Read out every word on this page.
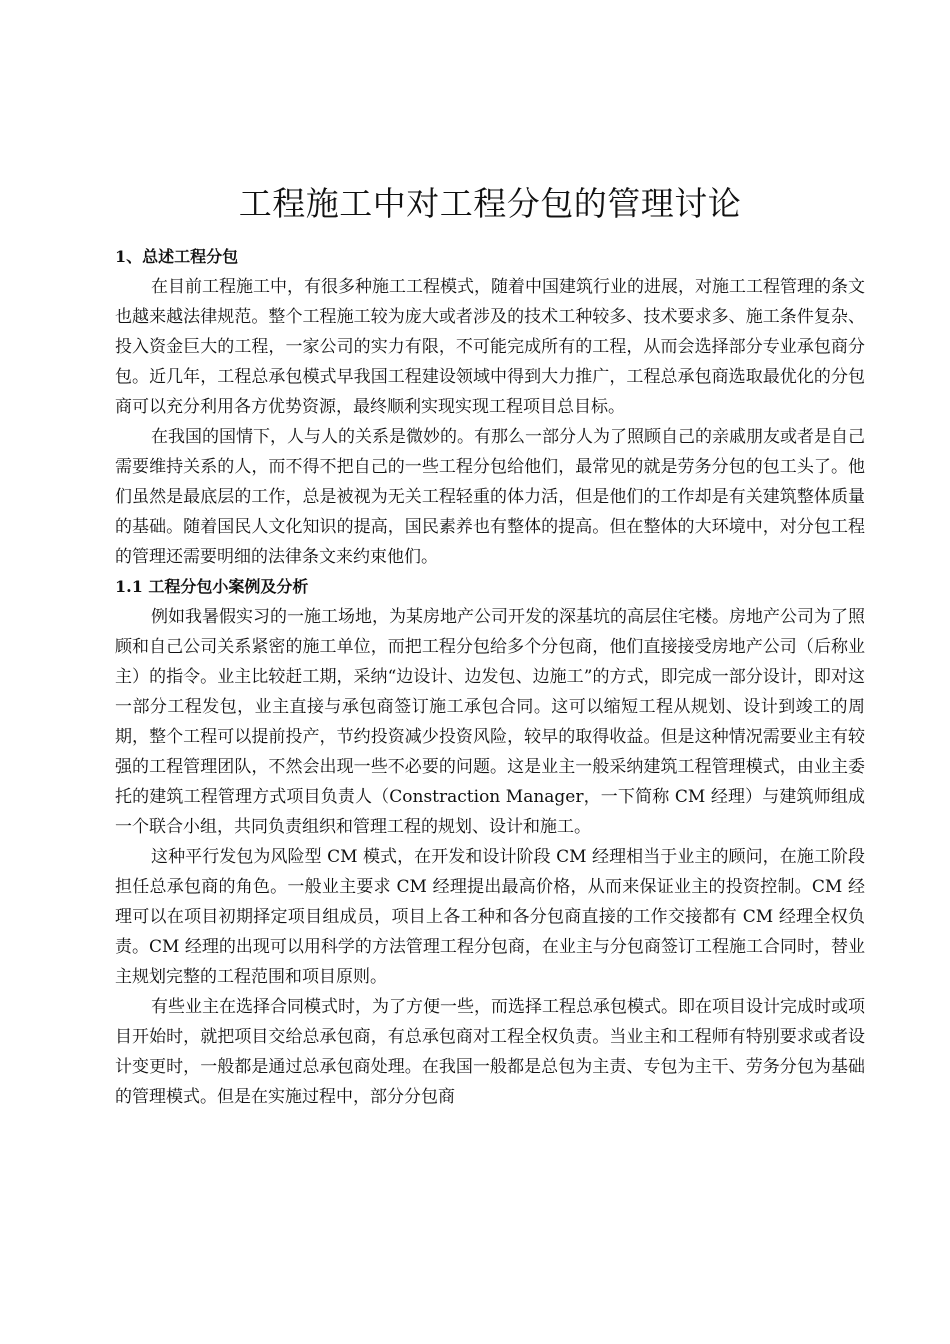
工程施工中对工程分包的管理讨论
1、总述工程分包

在目前工程施工中，有很多种施工工程模式，随着中国建筑行业的进展，对施工工程管理的条文也越来越法律规范。整个工程施工较为庞大或者涉及的技术工种较多、技术要求多、施工条件复杂、投入资金巨大的工程，一家公司的实力有限，不可能完成所有的工程，从而会选择部分专业承包商分包。近几年，工程总承包模式早我国工程建设领域中得到大力推广，工程总承包商选取最优化的分包商可以充分利用各方优势资源，最终顺利实现实现工程项目总目标。

在我国的国情下，人与人的关系是微妙的。有那么一部分人为了照顾自己的亲戚朋友或者是自己需要维持关系的人，而不得不把自己的一些工程分包给他们，最常见的就是劳务分包的包工头了。他们虽然是最底层的工作，总是被视为无关工程轻重的体力活，但是他们的工作却是有关建筑整体质量的基础。随着国民人文化知识的提高，国民素养也有整体的提高。但在整体的大环境中，对分包工程的管理还需要明细的法律条文来约束他们。

1.1 工程分包小案例及分析

例如我暑假实习的一施工场地，为某房地产公司开发的深基坑的高层住宅楼。房地产公司为了照顾和自己公司关系紧密的施工单位，而把工程分包给多个分包商，他们直接接受房地产公司（后称业主）的指令。业主比较赶工期，采纳“边设计、边发包、边施工”的方式，即完成一部分设计，即对这一部分工程发包，业主直接与承包商签订施工承包合同。这可以缩短工程从规划、设计到竣工的周期，整个工程可以提前投产，节约投资减少投资风险，较早的取得收益。但是这种情况需要业主有较强的工程管理团队，不然会出现一些不必要的问题。这是业主一般采纳建筑工程管理模式，由业主委托的建筑工程管理方式项目负责人（Constraction Manager，一下简称 CM 经理）与建筑师组成一个联合小组，共同负责组织和管理工程的规划、设计和施工。

这种平行发包为风险型 CM 模式，在开发和设计阶段 CM 经理相当于业主的顾问，在施工阶段担任总承包商的角色。一般业主要求 CM 经理提出最高价格，从而来保证业主的投资控制。CM 经理可以在项目初期择定项目组成员，项目上各工种和各分包商直接的工作交接都有 CM 经理全权负责。CM 经理的出现可以用科学的方法管理工程分包商，在业主与分包商签订工程施工合同时，替业主规划完整的工程范围和项目原则。

有些业主在选择合同模式时，为了方便一些，而选择工程总承包模式。即在项目设计完成时或项目开始时，就把项目交给总承包商，有总承包商对工程全权负责。当业主和工程师有特别要求或者设计变更时，一般都是通过总承包商处理。在我国一般都是总包为主责、专包为主干、劳务分包为基础的管理模式。但是在实施过程中，部分分包商
